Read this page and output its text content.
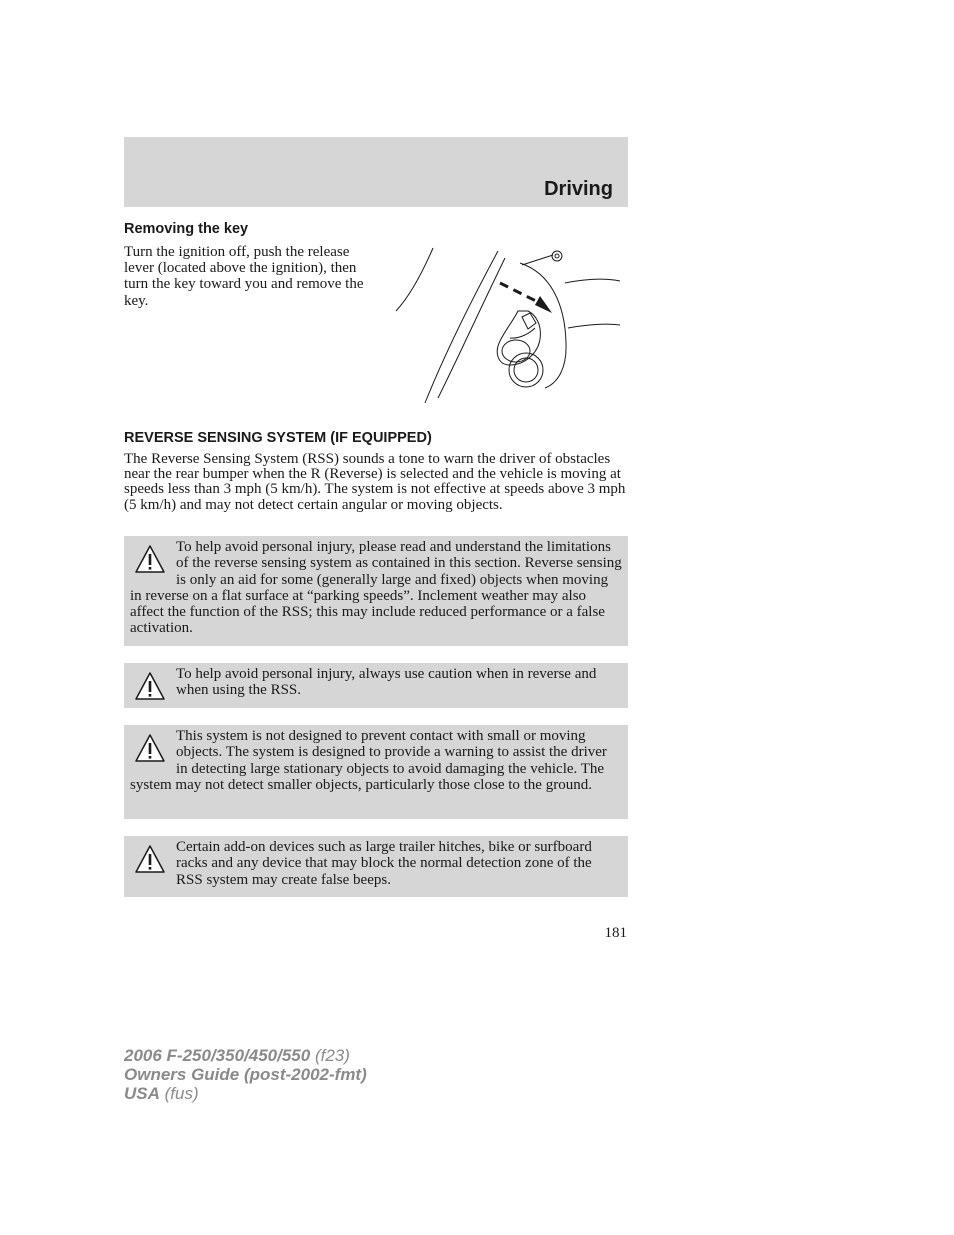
Driving
Removing the key
Turn the ignition off, push the release lever (located above the ignition), then turn the key toward you and remove the key.
REVERSE SENSING SYSTEM (IF EQUIPPED)
The Reverse Sensing System (RSS) sounds a tone to warn the driver of obstacles near the rear bumper when the R (Reverse) is selected and the vehicle is moving at speeds less than 3 mph (5 km/h). The system is not effective at speeds above 3 mph (5 km/h) and may not detect certain angular or moving objects.
To help avoid personal injury, please read and understand the limitations of the reverse sensing system as contained in this section. Reverse sensing is only an aid for some (generally large and fixed) objects when moving in reverse on a flat surface at “parking speeds”. Inclement weather may also affect the function of the RSS; this may include reduced performance or a false activation.
To help avoid personal injury, always use caution when in reverse and when using the RSS.
This system is not designed to prevent contact with small or moving objects. The system is designed to provide a warning to assist the driver in detecting large stationary objects to avoid damaging the vehicle. The system may not detect smaller objects, particularly those close to the ground.
Certain add-on devices such as large trailer hitches, bike or surfboard racks and any device that may block the normal detection zone of the RSS system may create false beeps.
181
2006 F-250/350/450/550 (f23)
Owners Guide (post-2002-fmt)
USA (fus)
